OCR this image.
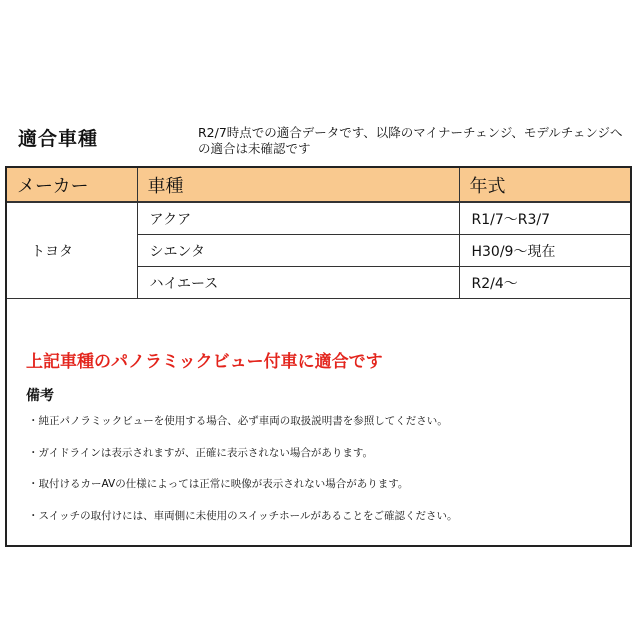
適合車種	R2/7時点での適合データです、以降のマイナーチェンジ、モデルチェンジへの適合は未確認です
メーカー	車種	年式
トヨタ	アクア	R1/7～R3/7
	シエンタ	H30/9～現在
	ハイエース	R2/4～
上記車種のパノラミックビュー付車に適合です
備考
・純正パノラミックビューを使用する場合、必ず車両の取扱説明書を参照してください。
・ガイドラインは表示されますが、正確に表示されない場合があります。
・取付けるカーAVの仕様によっては正常に映像が表示されない場合があります。
・スイッチの取付けには、車両側に未使用のスイッチホールがあることをご確認ください。
